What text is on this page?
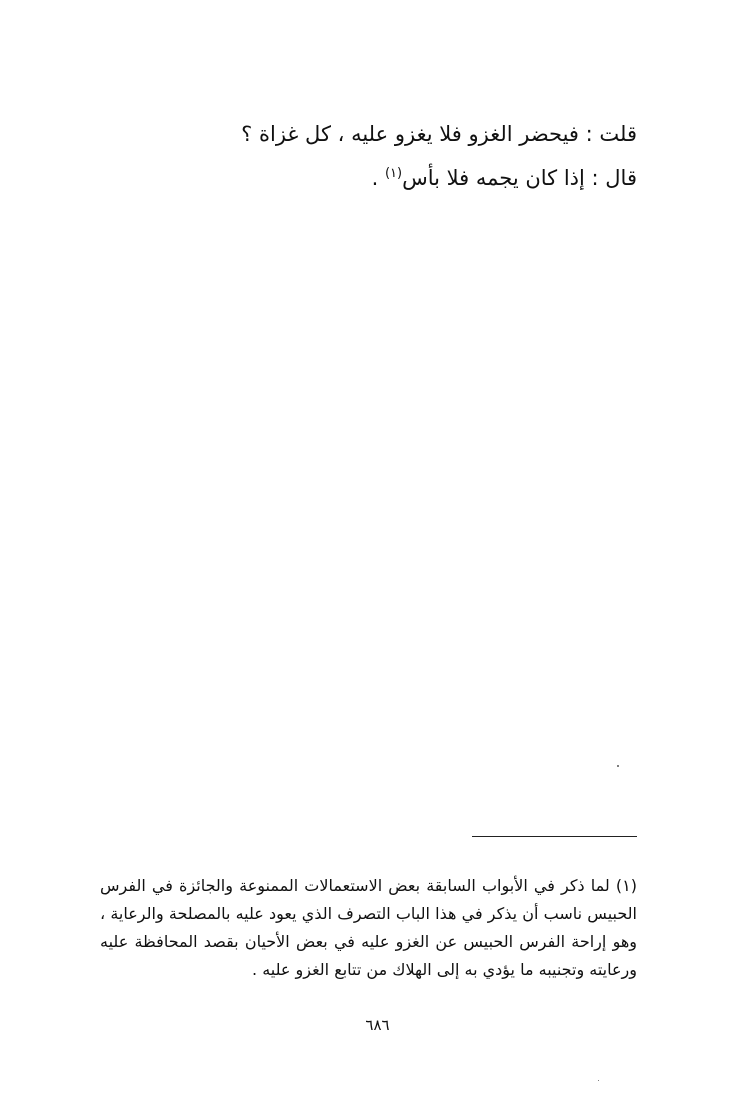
قلت : فيحضر الغزو فلا يغزو عليه ، كل غزاة ؟

قال : إذا كان يجمه فلا بأس$^{(١)}$ .

(١) لما ذكر في الأبواب السابقة بعض الاستعمالات الممنوعة والجائزة في الفرس الحبيس ناسب أن يذكر في هذا الباب التصرف الذي يعود عليه بالمصلحة والرعاية ، وهو إراحة الفرس الحبيس عن الغزو عليه في بعض الأحيان بقصد المحافظة عليه ورعايته وتجنيبه ما يؤدي به إلى الهلاك من تتابع الغزو عليه .

٦٨٦
